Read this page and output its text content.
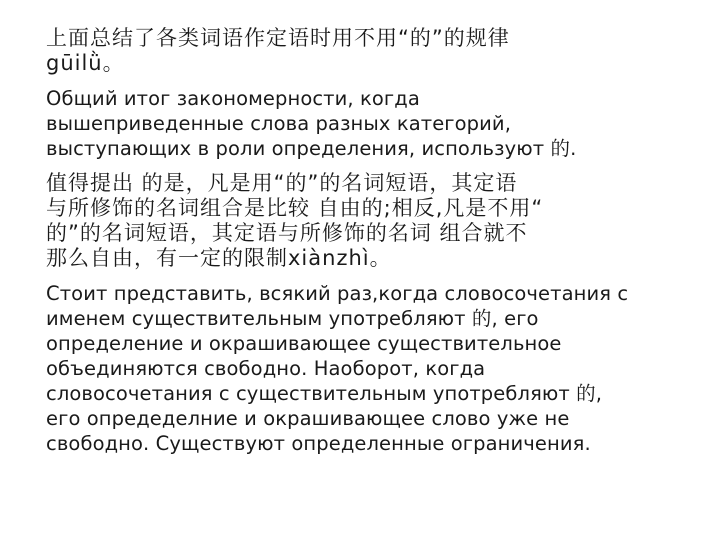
上面总结了各类词语作定语时用不用“的”的规律
gūilǜ。

Общий итог закономерности, когда
вышеприведенные слова разных категорий,
выступающих в роли определения, используют 的.

值得提出 的是，凡是用“的”的名词短语，其定语
与所修饰的名词组合是比较 自由的;相反,凡是不用“
的”的名词短语，其定语与所修饰的名词 组合就不
那么自由，有一定的限制xiànzhì。

Стоит представить, всякий раз,когда словосочетания с
именем существительным употребляют 的, его
определение и окрашивающее существительное
объединяются свободно. Наоборот, когда
словосочетания с существительным употребляют 的,
его опредеделние и окрашивающее слово уже не
свободно. Существуют определенные ограничения.
